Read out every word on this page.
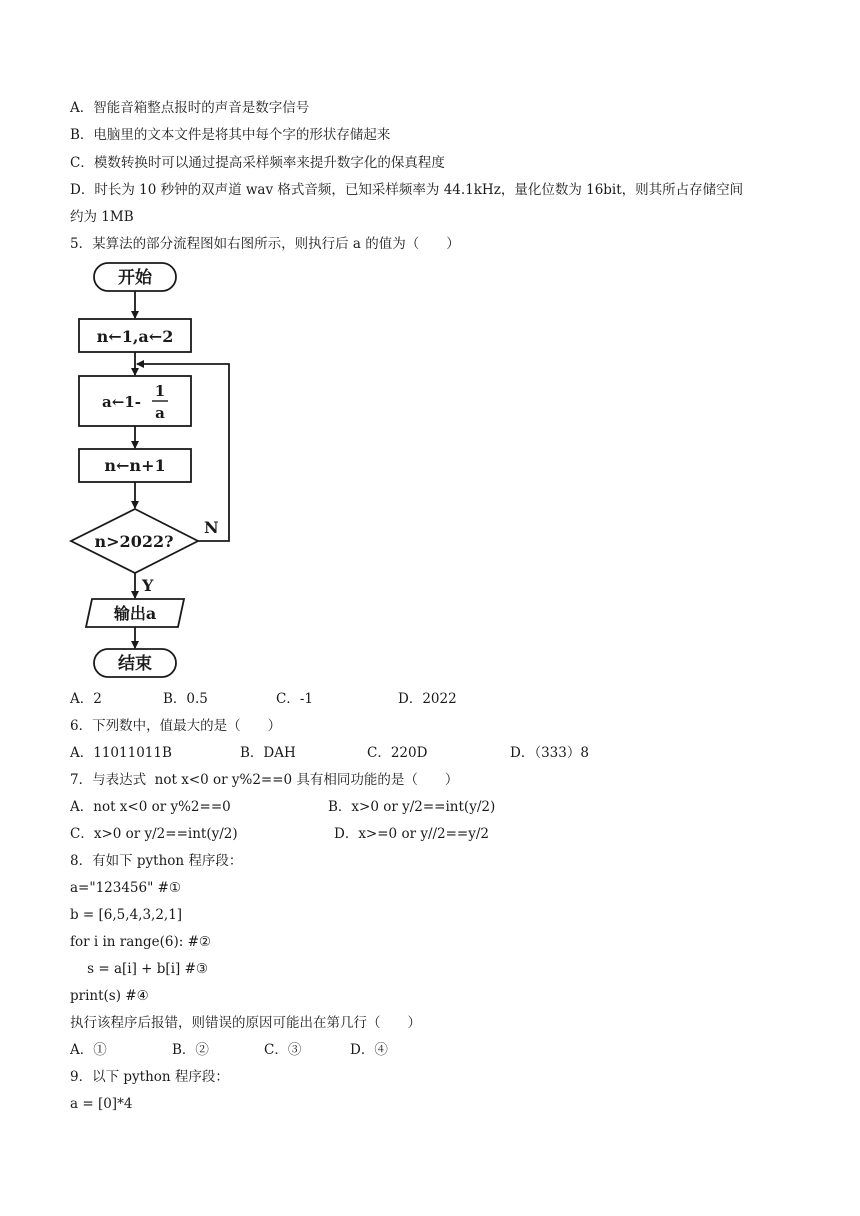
A．智能音箱整点报时的声音是数字信号
B．电脑里的文本文件是将其中每个字的形状存储起来
C．模数转换时可以通过提高采样频率来提升数字化的保真程度
D．时长为 10 秒钟的双声道 wav 格式音频，已知采样频率为 44.1kHz，量化位数为 16bit，则其所占存储空间
约为 1MB
5．某算法的部分流程图如右图所示，则执行后 a 的值为（　　）
开始
n←1,a←2
a←1-
1
a
n←n+1
n>2022?
N
Y
输出a
结束
A．2	B．0.5	C．-1	D．2022
6．下列数中，值最大的是（　　）
A．11011011B	B．DAH	C．220D	D．（333）8
7．与表达式  not x<0 or y%2==0 具有相同功能的是（　　）
A．not x<0 or y%2==0	B．x>0 or y/2==int(y/2)
C．x>0 or y/2==int(y/2)	D．x>=0 or y//2==y/2
8．有如下 python 程序段：
a="123456" #①
b = [6,5,4,3,2,1]
for i in range(6): #②
s = a[i] + b[i] #③
print(s) #④
执行该程序后报错，则错误的原因可能出在第几行（　　）
A．①	B．②	C．③	D．④
9．以下 python 程序段：
a = [0]*4
